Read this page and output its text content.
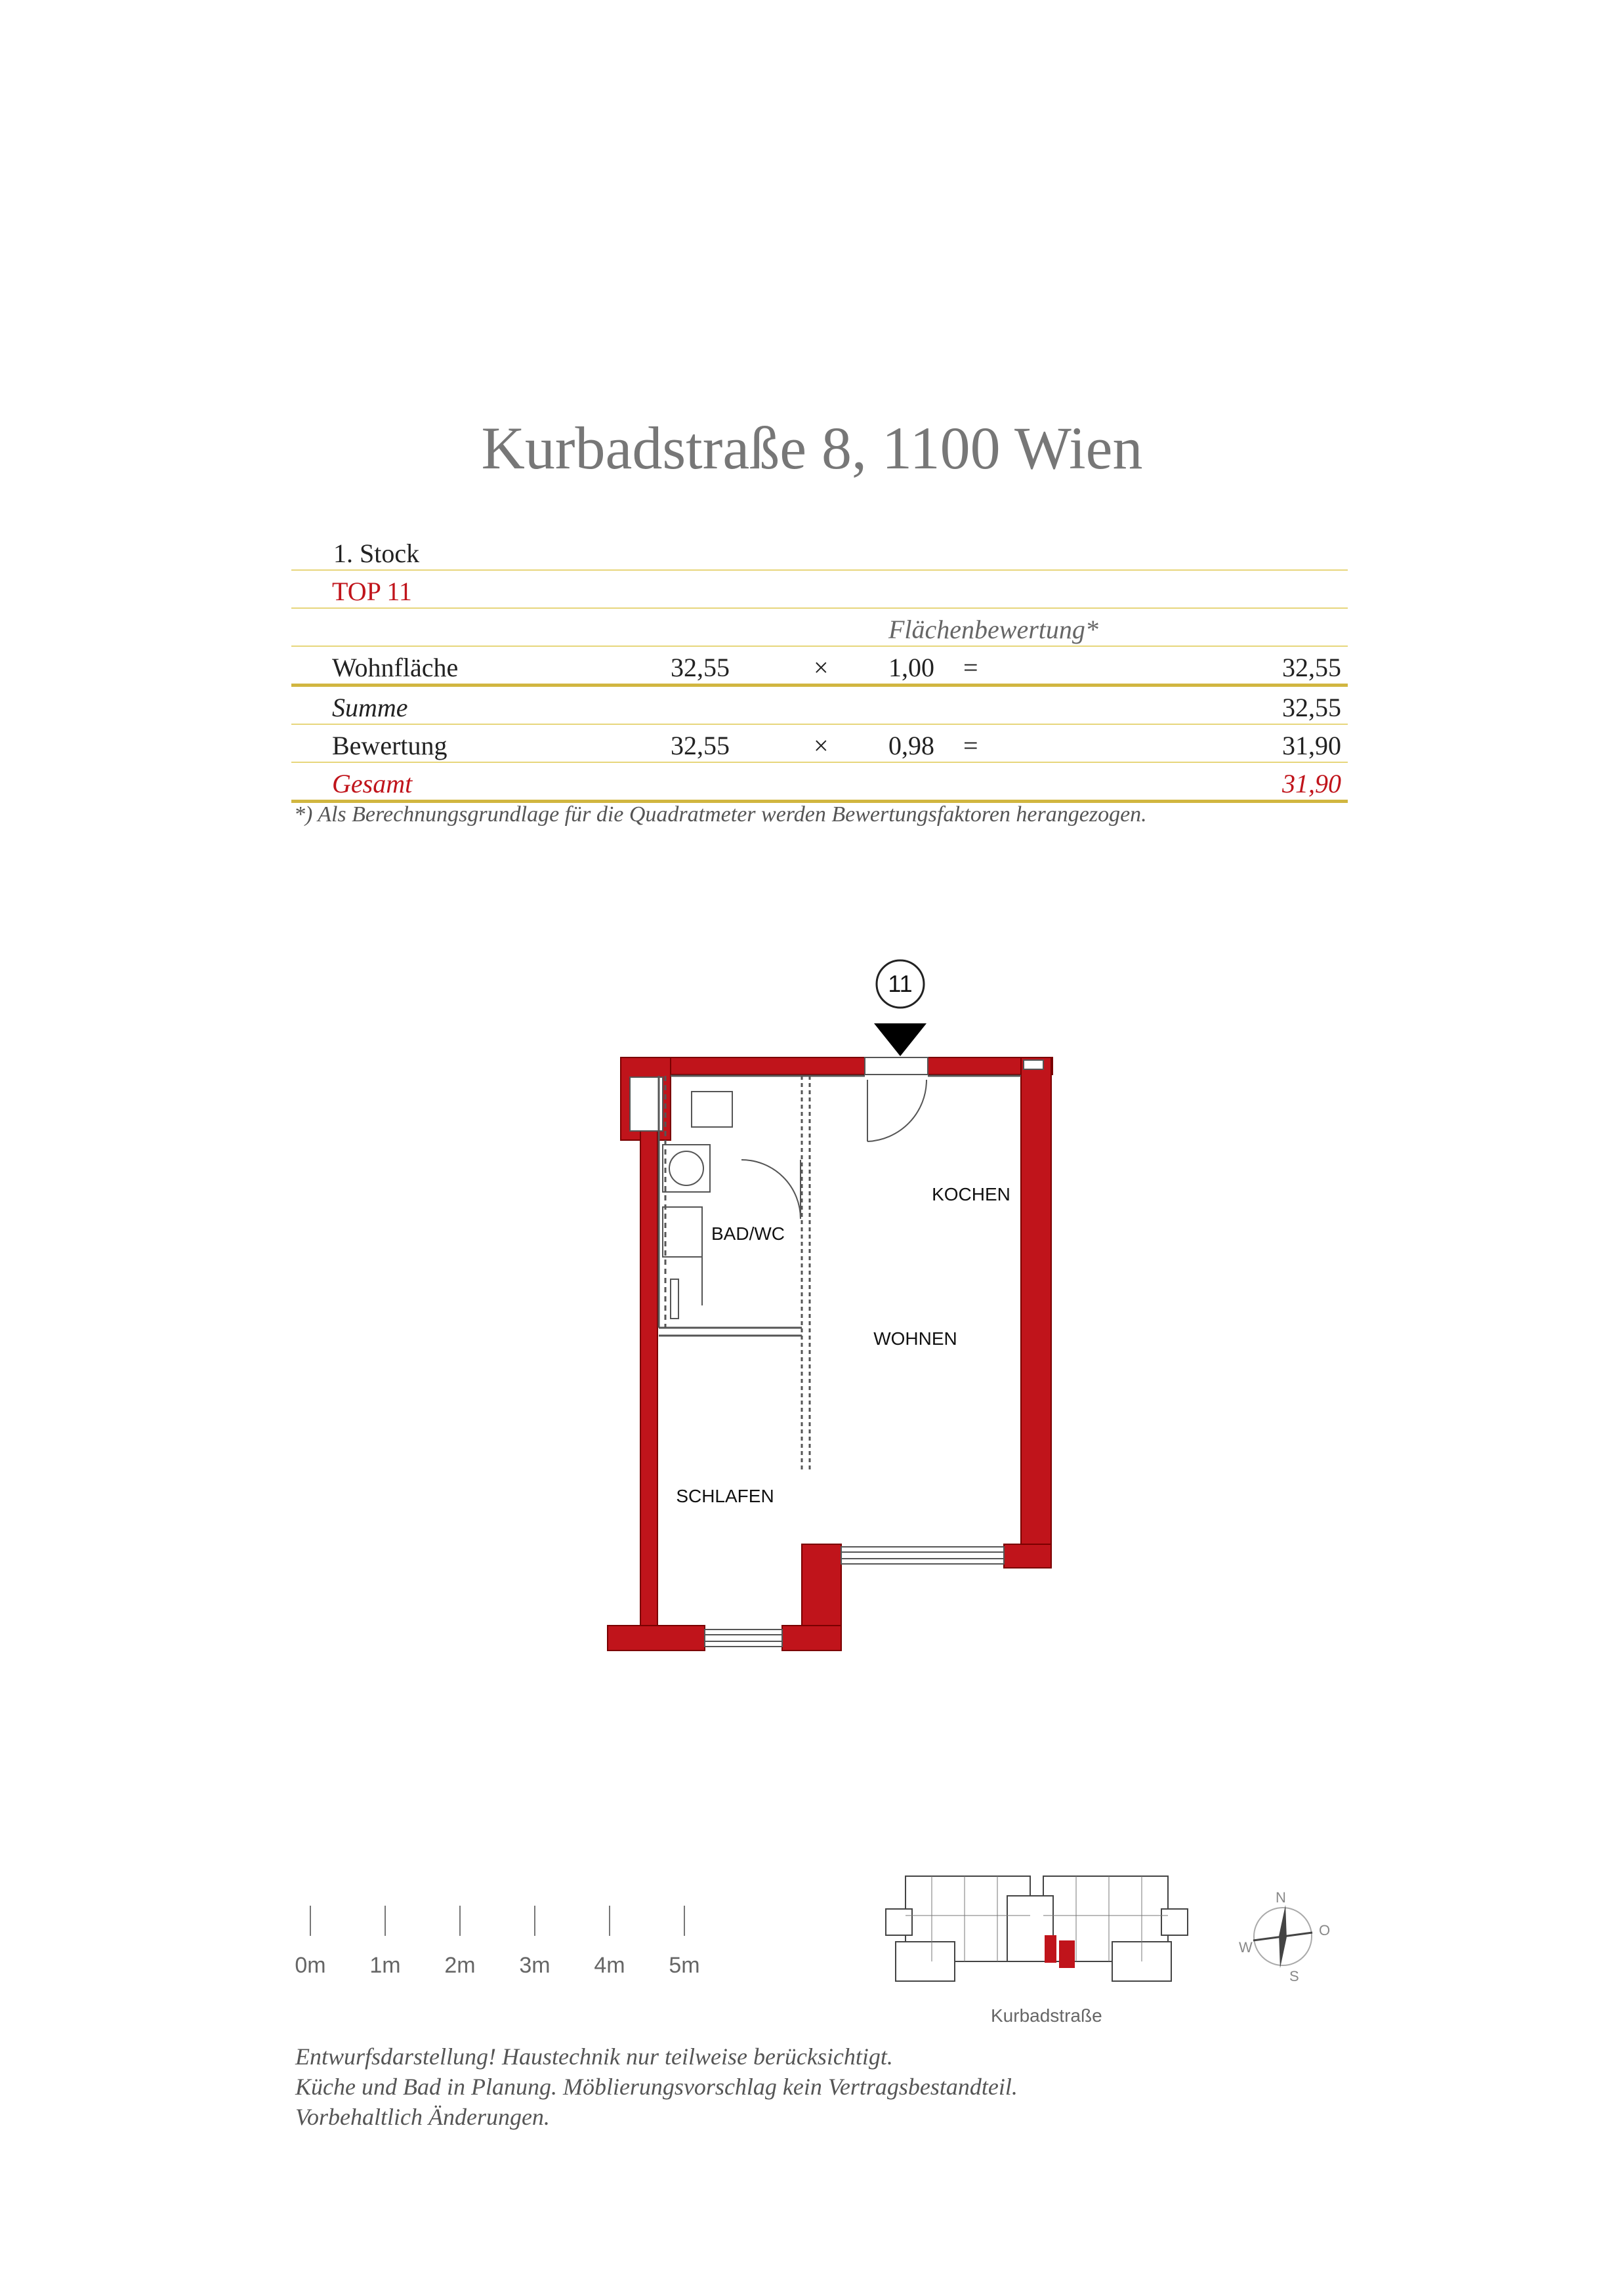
Kurbadstraße 8, 1100 Wien
1. Stock
TOP 11
Flächenbewertung*
Wohnfläche	32,55	× 1,00 =	32,55
Summe	32,55
Bewertung	32,55	× 0,98 =	31,90
Gesamt	31,90
*) Als Berechnungsgrundlage für die Quadratmeter werden Bewertungsfaktoren herangezogen.
11
KOCHEN
BAD/WC
WOHNEN
SCHLAFEN
0m 1m 2m 3m 4m 5m
Kurbadstraße
N
O
S
W
Entwurfsdarstellung! Haustechnik nur teilweise berücksichtigt.
Küche und Bad in Planung. Möblierungsvorschlag kein Vertragsbestandteil.
Vorbehaltlich Änderungen.
